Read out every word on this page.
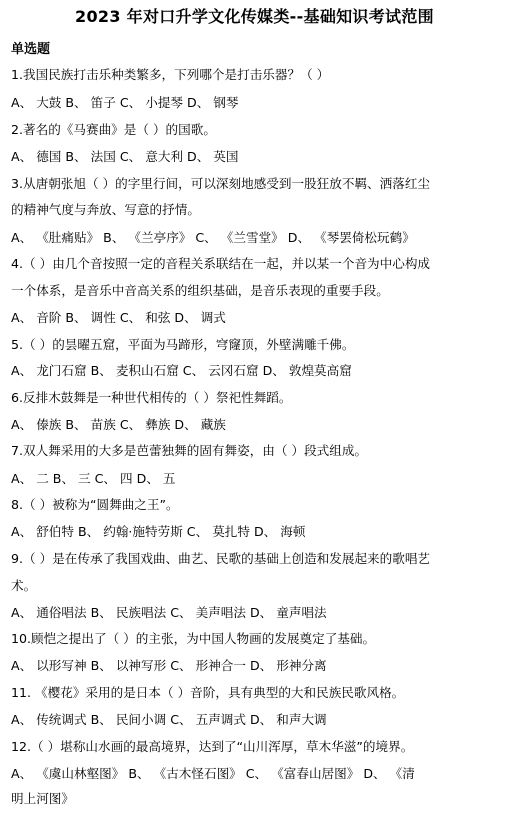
2023 年对口升学文化传媒类--基础知识考试范围
单选题
1.我国民族打击乐种类繁多，下列哪个是打击乐器？（ ）
A、 大鼓 B、 笛子 C、 小提琴 D、 钢琴
2.著名的《马赛曲》是（ ）的国歌。
A、 德国 B、 法国 C、 意大利 D、 英国
3.从唐朝张旭（ ）的字里行间，可以深刻地感受到一股狂放不羁、洒落红尘
的精神气度与奔放、写意的抒情。
A、 《肚痛贴》 B、 《兰亭序》 C、 《兰雪堂》 D、 《琴罢倚松玩鹤》
4.（ ）由几个音按照一定的音程关系联结在一起，并以某一个音为中心构成
一个体系，是音乐中音高关系的组织基础，是音乐表现的重要手段。
A、 音阶 B、 调性 C、 和弦 D、 调式
5.（ ）的昙曜五窟，平面为马蹄形，穹窿顶，外壁满雕千佛。
A、 龙门石窟 B、 麦积山石窟 C、 云冈石窟 D、 敦煌莫高窟
6.反排木鼓舞是一种世代相传的（ ）祭祀性舞蹈。
A、 傣族 B、 苗族 C、 彝族 D、 藏族
7.双人舞采用的大多是芭蕾独舞的固有舞姿，由（ ）段式组成。
A、 二 B、 三 C、 四 D、 五
8.（ ）被称为“圆舞曲之王”。
A、 舒伯特 B、 约翰·施特劳斯 C、 莫扎特 D、 海顿
9.（ ）是在传承了我国戏曲、曲艺、民歌的基础上创造和发展起来的歌唱艺
术。
A、 通俗唱法 B、 民族唱法 C、 美声唱法 D、 童声唱法
10.顾恺之提出了（ ）的主张，为中国人物画的发展奠定了基础。
A、 以形写神 B、 以神写形 C、 形神合一 D、 形神分离
11. 《樱花》采用的是日本（ ）音阶，具有典型的大和民族民歌风格。
A、 传统调式 B、 民间小调 C、 五声调式 D、 和声大调
12.（ ）堪称山水画的最高境界，达到了“山川浑厚，草木华滋”的境界。
A、 《虞山林壑图》 B、 《古木怪石图》 C、 《富春山居图》 D、 《清
明上河图》
